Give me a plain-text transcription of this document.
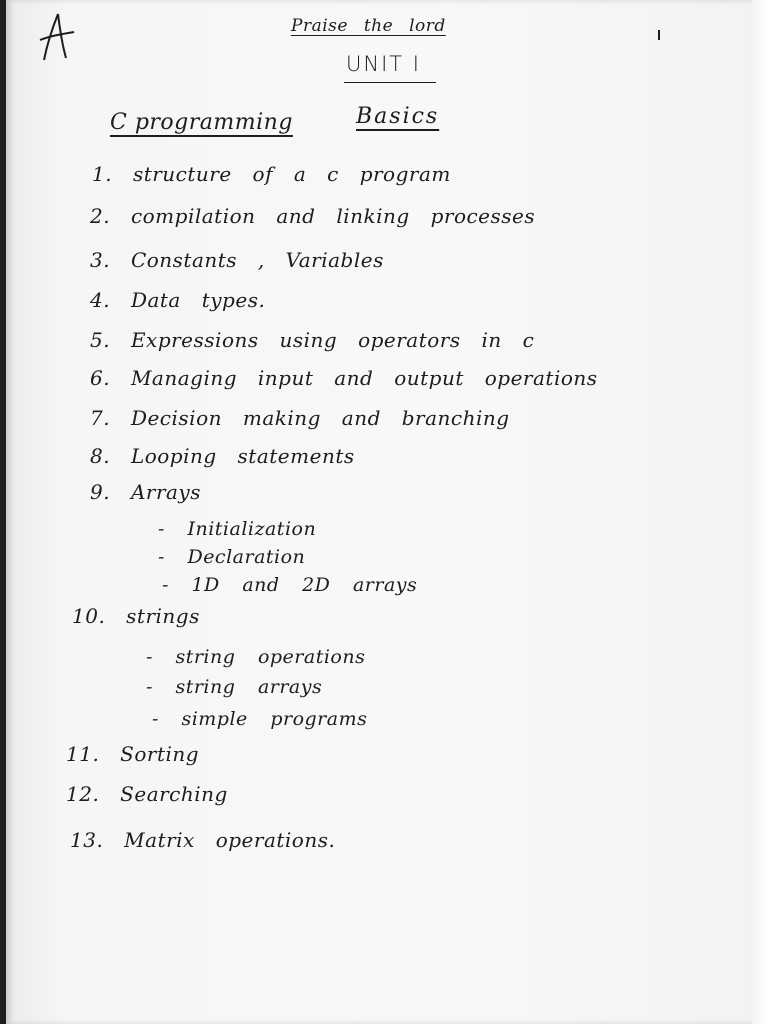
Praise the lord
UNIT I
C programming	Basics
1. structure of a c program
2. compilation and linking processes
3. Constants , Variables
4. Data types.
5. Expressions using operators in c
6. Managing input and output operations
7. Decision making and branching
8. Looping statements
9. Arrays
- Initialization
- Declaration
- 1D and 2D arrays
10. strings
- string operations
- string arrays
- simple programs
11. Sorting
12. Searching
13. Matrix operations.
